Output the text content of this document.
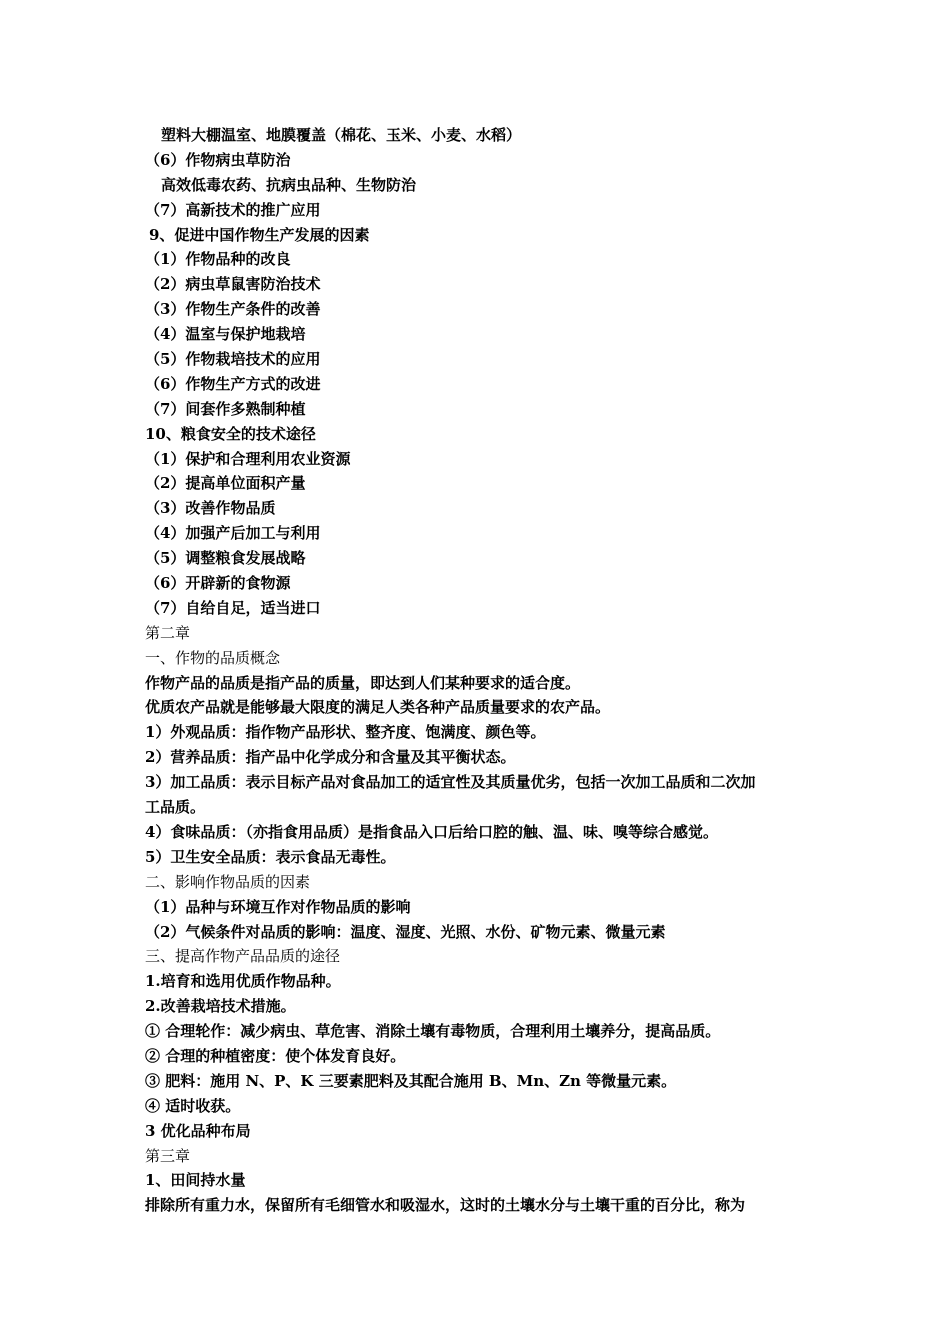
塑料大棚温室、地膜覆盖（棉花、玉米、小麦、水稻）
（6）作物病虫草防治
高效低毒农药、抗病虫品种、生物防治
（7）高新技术的推广应用
9、促进中国作物生产发展的因素
（1）作物品种的改良
（2）病虫草鼠害防治技术
（3）作物生产条件的改善
（4）温室与保护地栽培
（5）作物栽培技术的应用
（6）作物生产方式的改进
（7）间套作多熟制种植
10、粮食安全的技术途径
（1）保护和合理利用农业资源
（2）提高单位面积产量
（3）改善作物品质
（4）加强产后加工与利用
（5）调整粮食发展战略
（6）开辟新的食物源
（7）自给自足，适当进口
第二章
一、作物的品质概念
作物产品的品质是指产品的质量，即达到人们某种要求的适合度。
优质农产品就是能够最大限度的满足人类各种产品质量要求的农产品。
1）外观品质：指作物产品形状、整齐度、饱满度、颜色等。
2）营养品质：指产品中化学成分和含量及其平衡状态。
3）加工品质：表示目标产品对食品加工的适宜性及其质量优劣，包括一次加工品质和二次加
工品质。
4）食味品质：（亦指食用品质）是指食品入口后给口腔的触、温、味、嗅等综合感觉。
5）卫生安全品质：表示食品无毒性。
二、影响作物品质的因素
（1）品种与环境互作对作物品质的影响
（2）气候条件对品质的影响：温度、湿度、光照、水份、矿物元素、微量元素
三、提高作物产品品质的途径
1.培育和选用优质作物品种。
2.改善栽培技术措施。
① 合理轮作：减少病虫、草危害、消除土壤有毒物质，合理利用土壤养分，提高品质。
② 合理的种植密度：使个体发育良好。
③ 肥料：施用 N、P、K 三要素肥料及其配合施用 B、Mn、Zn 等微量元素。
④ 适时收获。
3 优化品种布局
第三章
1、田间持水量
排除所有重力水，保留所有毛细管水和吸湿水，这时的土壤水分与土壤干重的百分比，称为
